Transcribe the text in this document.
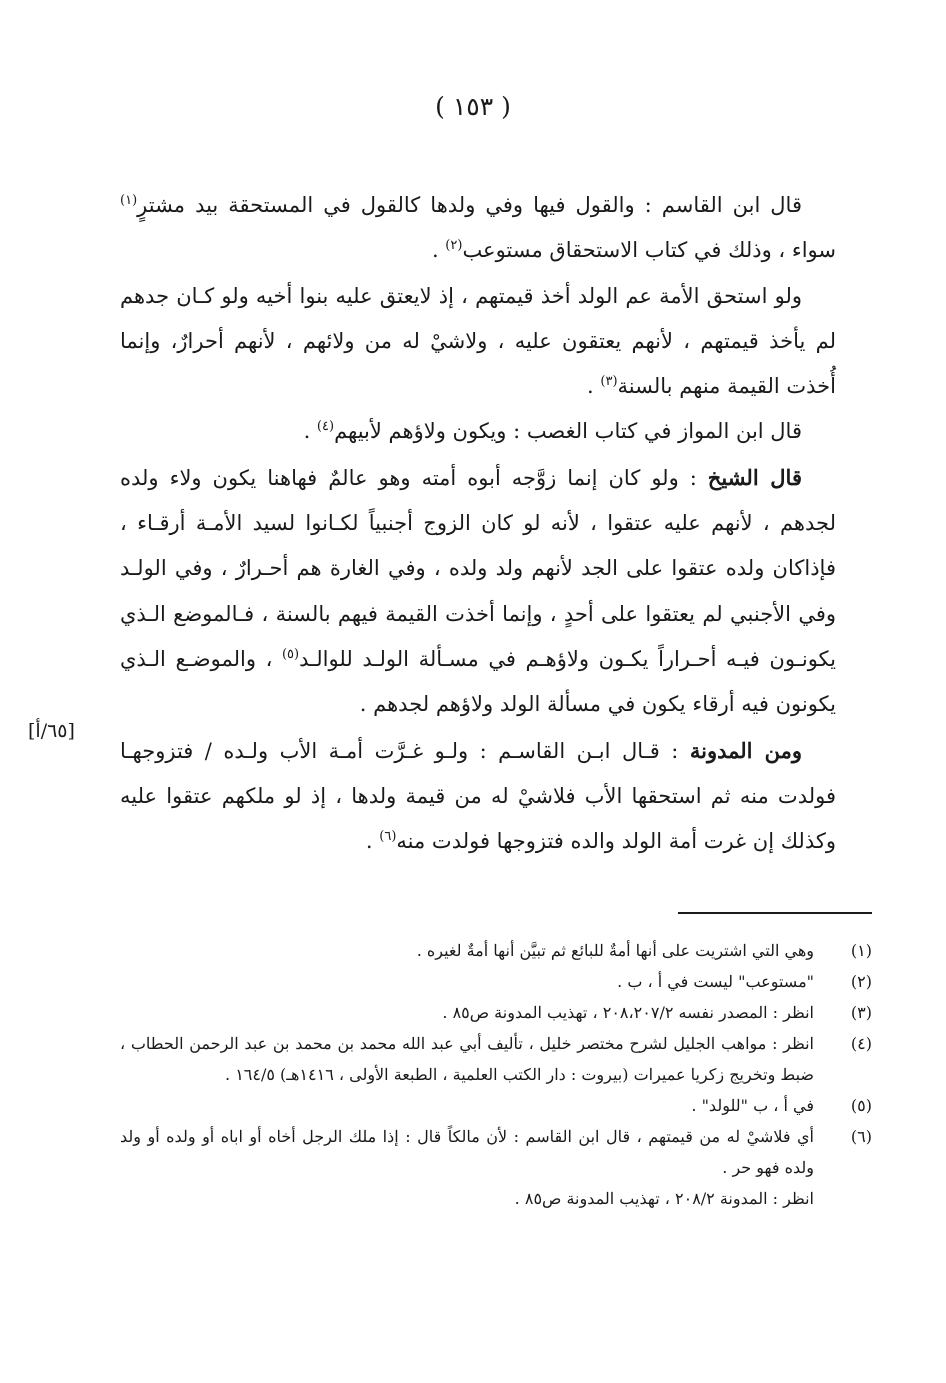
( ١٥٣ )

قال ابن القاسم : والقول فيها وفي ولدها كالقول في المستحقة بيد مشترٍ$^{(١)}$ سواء ، وذلك في كتاب الاستحقاق مستوعب$^{(٢)}$ .

ولو استحق الأمة عم الولد أخذ قيمتهم ، إذ لايعتق عليه بنوا أخيه ولو كـان جدهم لم يأخذ قيمتهم ، لأنهم يعتقون عليه ، ولاشيْ له من ولائهم ، لأنهم أحرارٌ، وإنما أُخذت القيمة منهم بالسنة$^{(٣)}$ .

قال ابن المواز في كتاب الغصب : ويكون ولاؤهم لأبيهم$^{(٤)}$ .

قال الشيخ : ولو كان إنما زوَّجه أبوه أمته وهو عالمٌ فهاهنا يكون ولاء ولده لجدهم ، لأنهم عليه عتقوا ، لأنه لو كان الزوج أجنبياً لكـانوا لسيد الأمـة أرقـاء ، فإذاكان ولده عتقوا على الجد لأنهم ولد ولده ، وفي الغارة هم أحـرارٌ ، وفي الولـد وفي الأجنبي لم يعتقوا على أحدٍ ، وإنما أخذت القيمة فيهم بالسنة ، فـالموضع الـذي يكونـون فيـه أحـراراً يكـون ولاؤهـم في مسـألة الولـد للوالـد$^{(٥)}$ ، والموضـع الـذي يكونون فيه أرقاء يكون في مسألة الولد ولاؤهم لجدهم .

ومن المدونة : قـال ابـن القاسـم : ولـو غـرَّت أمـة الأب ولـده / فتزوجهـا فولدت منه ثم استحقها الأب فلاشيْ له من قيمة ولدها ، إذ لو ملكهم عتقوا عليه وكذلك إن غرت أمة الولد والده فتزوجها فولدت منه$^{(٦)}$ .

[٦٥/أ]
(١)
وهي التي اشتريت على أنها أمةٌ للبائع ثم تبيَّن أنها أمةٌ لغيره .
(٢)
"مستوعب" ليست في أ ، ب .
(٣)
انظر : المصدر نفسه ٢٠٨،٢٠٧/٢ ، تهذيب المدونة ص٨٥ .
(٤)
انظر : مواهب الجليل لشرح مختصر خليل ، تأليف أبي عبد الله محمد بن محمد بن عبد الرحمن الحطاب ، ضبط وتخريج زكريا عميرات (بيروت : دار الكتب العلمية ، الطبعة الأولى ، ١٤١٦هـ) ١٦٤/٥ .
(٥)
في أ ، ب "للولد" .
(٦)
أي فلاشيْ له من قيمتهم ، قال ابن القاسم : لأن مالكاً قال : إذا ملك الرجل أخاه أو اباه أو ولده أو ولد ولده فهو حر .
انظر : المدونة ٢٠٨/٢ ، تهذيب المدونة ص٨٥ .
